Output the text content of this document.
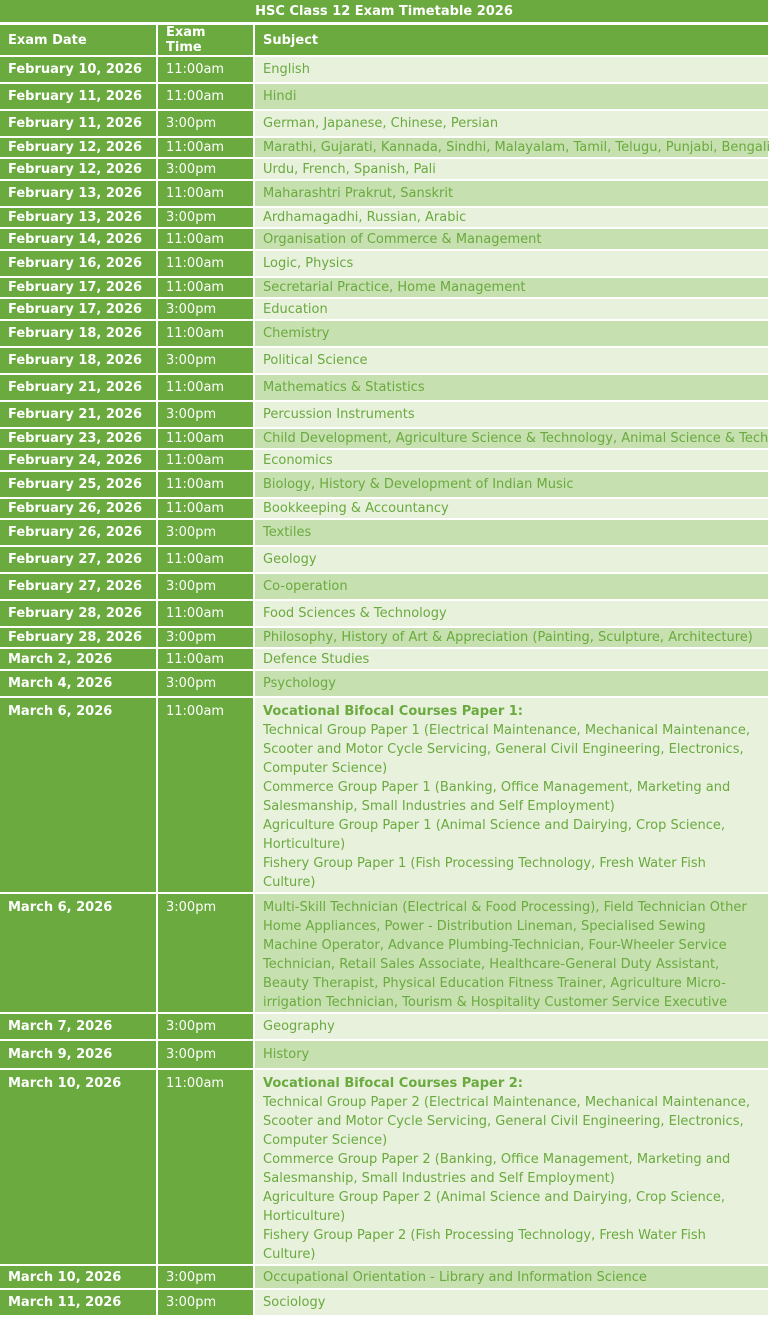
HSC Class 12 Exam Timetable 2026		
Exam Date	Exam Time	Subject
February 10, 2026	11:00am	English
February 11, 2026	11:00am	Hindi
February 11, 2026	3:00pm	German, Japanese, Chinese, Persian
February 12, 2026	11:00am	Marathi, Gujarati, Kannada, Sindhi, Malayalam, Tamil, Telugu, Punjabi, Bengali
February 12, 2026	3:00pm	Urdu, French, Spanish, Pali
February 13, 2026	11:00am	Maharashtri Prakrut, Sanskrit
February 13, 2026	3:00pm	Ardhamagadhi, Russian, Arabic
February 14, 2026	11:00am	Organisation of Commerce & Management
February 16, 2026	11:00am	Logic, Physics
February 17, 2026	11:00am	Secretarial Practice, Home Management
February 17, 2026	3:00pm	Education
February 18, 2026	11:00am	Chemistry
February 18, 2026	3:00pm	Political Science
February 21, 2026	11:00am	Mathematics & Statistics
February 21, 2026	3:00pm	Percussion Instruments
February 23, 2026	11:00am	Child Development, Agriculture Science & Technology, Animal Science & Tech
February 24, 2026	11:00am	Economics
February 25, 2026	11:00am	Biology, History & Development of Indian Music
February 26, 2026	11:00am	Bookkeeping & Accountancy
February 26, 2026	3:00pm	Textiles
February 27, 2026	11:00am	Geology
February 27, 2026	3:00pm	Co-operation
February 28, 2026	11:00am	Food Sciences & Technology
February 28, 2026	3:00pm	Philosophy, History of Art & Appreciation (Painting, Sculpture, Architecture)
March 2, 2026	11:00am	Defence Studies
March 4, 2026	3:00pm	Psychology
March 6, 2026	11:00am	Vocational Bifocal Courses Paper 1:
Technical Group Paper 1 (Electrical Maintenance, Mechanical Maintenance, Scooter and Motor Cycle Servicing, General Civil Engineering, Electronics, Computer Science)
Commerce Group Paper 1 (Banking, Office Management, Marketing and Salesmanship, Small Industries and Self Employment)
Agriculture Group Paper 1 (Animal Science and Dairying, Crop Science, Horticulture)
Fishery Group Paper 1 (Fish Processing Technology, Fresh Water Fish Culture)

March 6, 2026	3:00pm	Multi-Skill Technician (Electrical & Food Processing), Field Technician Other Home Appliances, Power - Distribution Lineman, Specialised Sewing Machine Operator, Advance Plumbing-Technician, Four-Wheeler Service Technician, Retail Sales Associate, Healthcare-General Duty Assistant, Beauty Therapist, Physical Education Fitness Trainer, Agriculture Micro-irrigation Technician, Tourism & Hospitality Customer Service Executive

March 7, 2026	3:00pm	Geography
March 9, 2026	3:00pm	History
March 10, 2026	11:00am	Vocational Bifocal Courses Paper 2:
Technical Group Paper 2 (Electrical Maintenance, Mechanical Maintenance, Scooter and Motor Cycle Servicing, General Civil Engineering, Electronics, Computer Science)
Commerce Group Paper 2 (Banking, Office Management, Marketing and Salesmanship, Small Industries and Self Employment)
Agriculture Group Paper 2 (Animal Science and Dairying, Crop Science, Horticulture)
Fishery Group Paper 2 (Fish Processing Technology, Fresh Water Fish Culture)

March 10, 2026	3:00pm	Occupational Orientation - Library and Information Science
March 11, 2026	3:00pm	Sociology
